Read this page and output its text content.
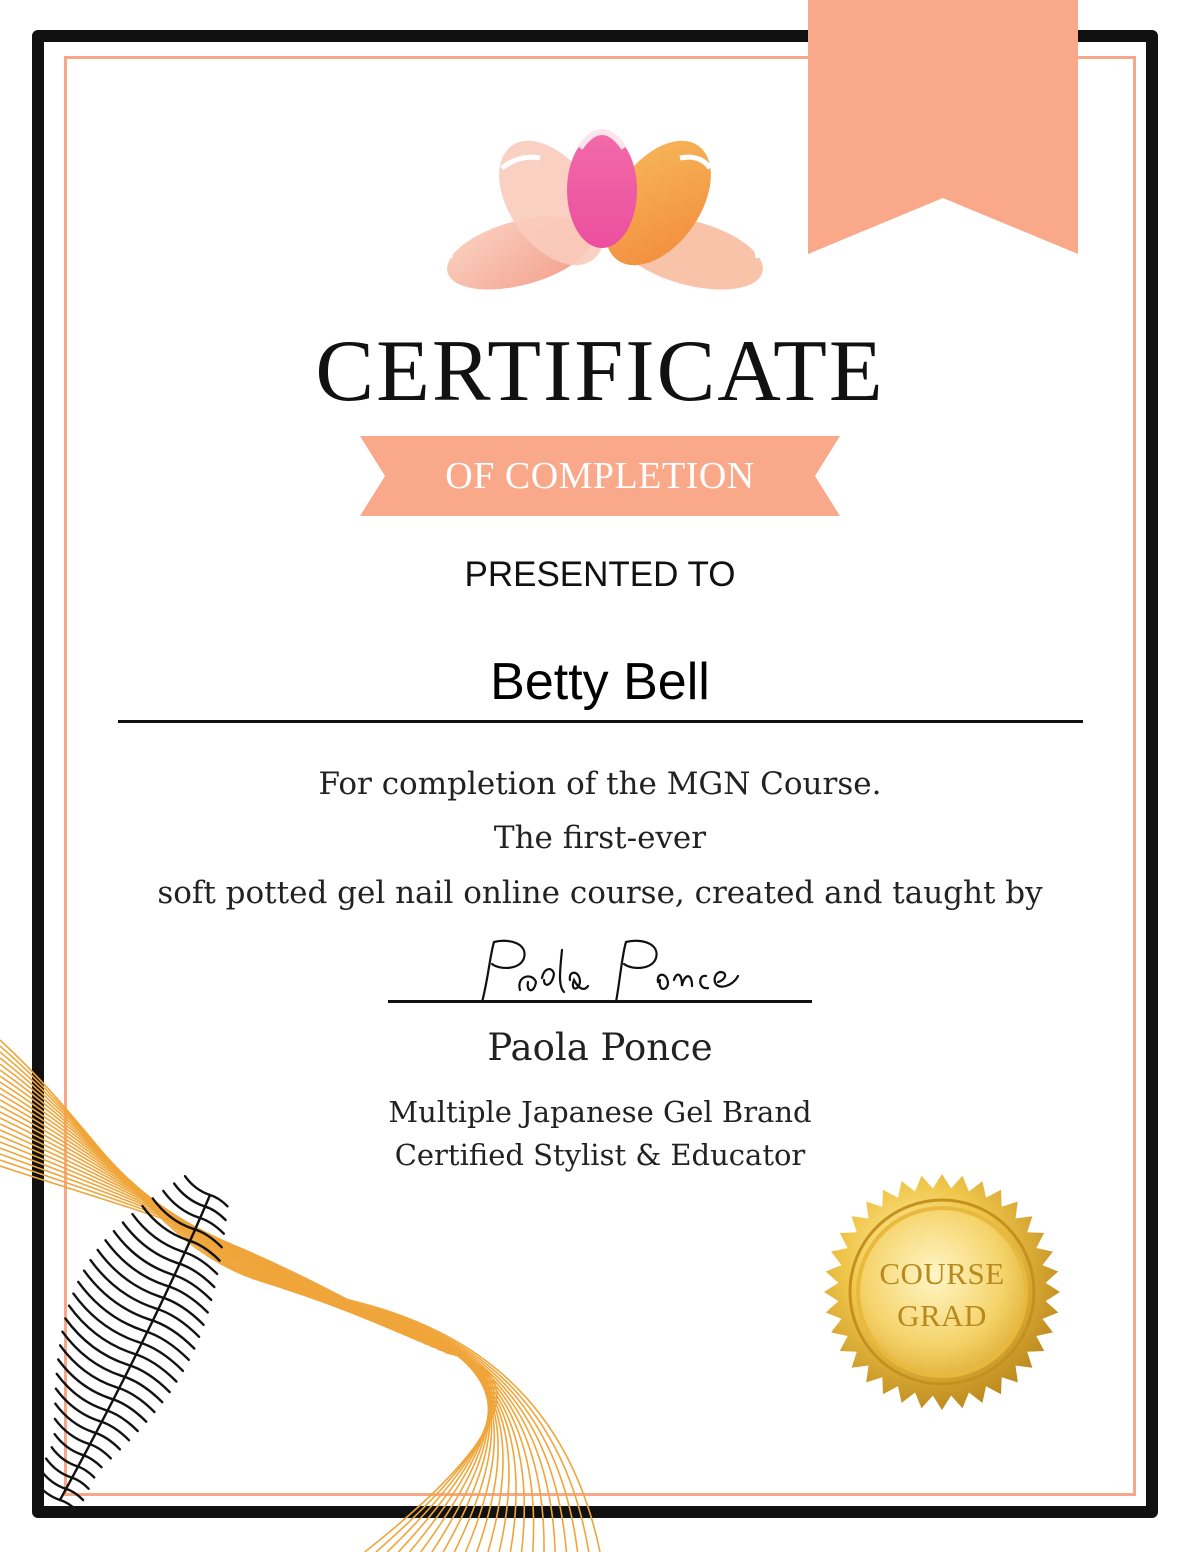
CERTIFICATE
OF COMPLETION
PRESENTED TO
Betty Bell
For completion of the MGN Course.
The first-ever
soft potted gel nail online course, created and taught by
Paola Ponce
Multiple Japanese Gel Brand
Certified Stylist & Educator
COURSE
GRAD
